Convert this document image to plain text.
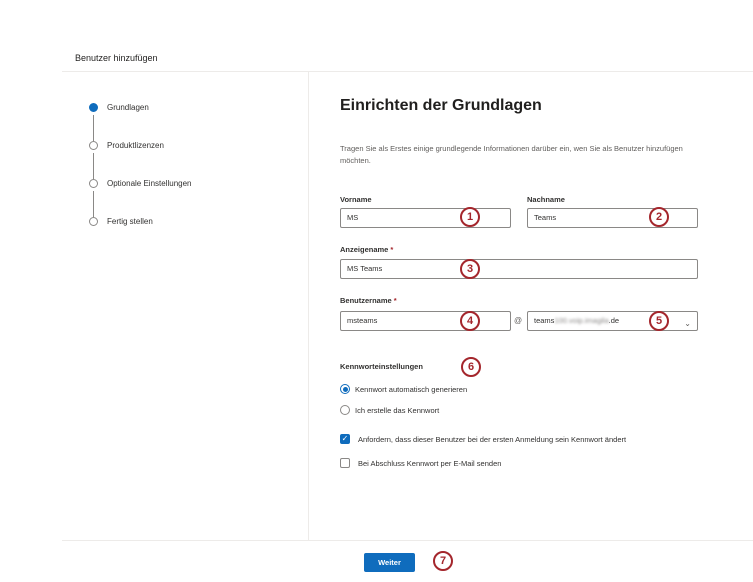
Benutzer hinzufügen
Grundlagen
Produktlizenzen
Optionale Einstellungen
Fertig stellen
Einrichten der Grundlagen
Tragen Sie als Erstes einige grundlegende Informationen darüber ein, wen Sie als Benutzer hinzufügen möchten.
Vorname
MS	1
Nachname
Teams	2
Anzeigename *
MS Teams	3
Benutzername *
msteams	4	@	teams100.voip.imagila.de	⌄
5
Kennworteinstellungen	6
Kennwort automatisch generieren
Ich erstelle das Kennwort
✓ Anfordern, dass dieser Benutzer bei der ersten Anmeldung sein Kennwort ändert
Bei Abschluss Kennwort per E-Mail senden
Weiter	7
